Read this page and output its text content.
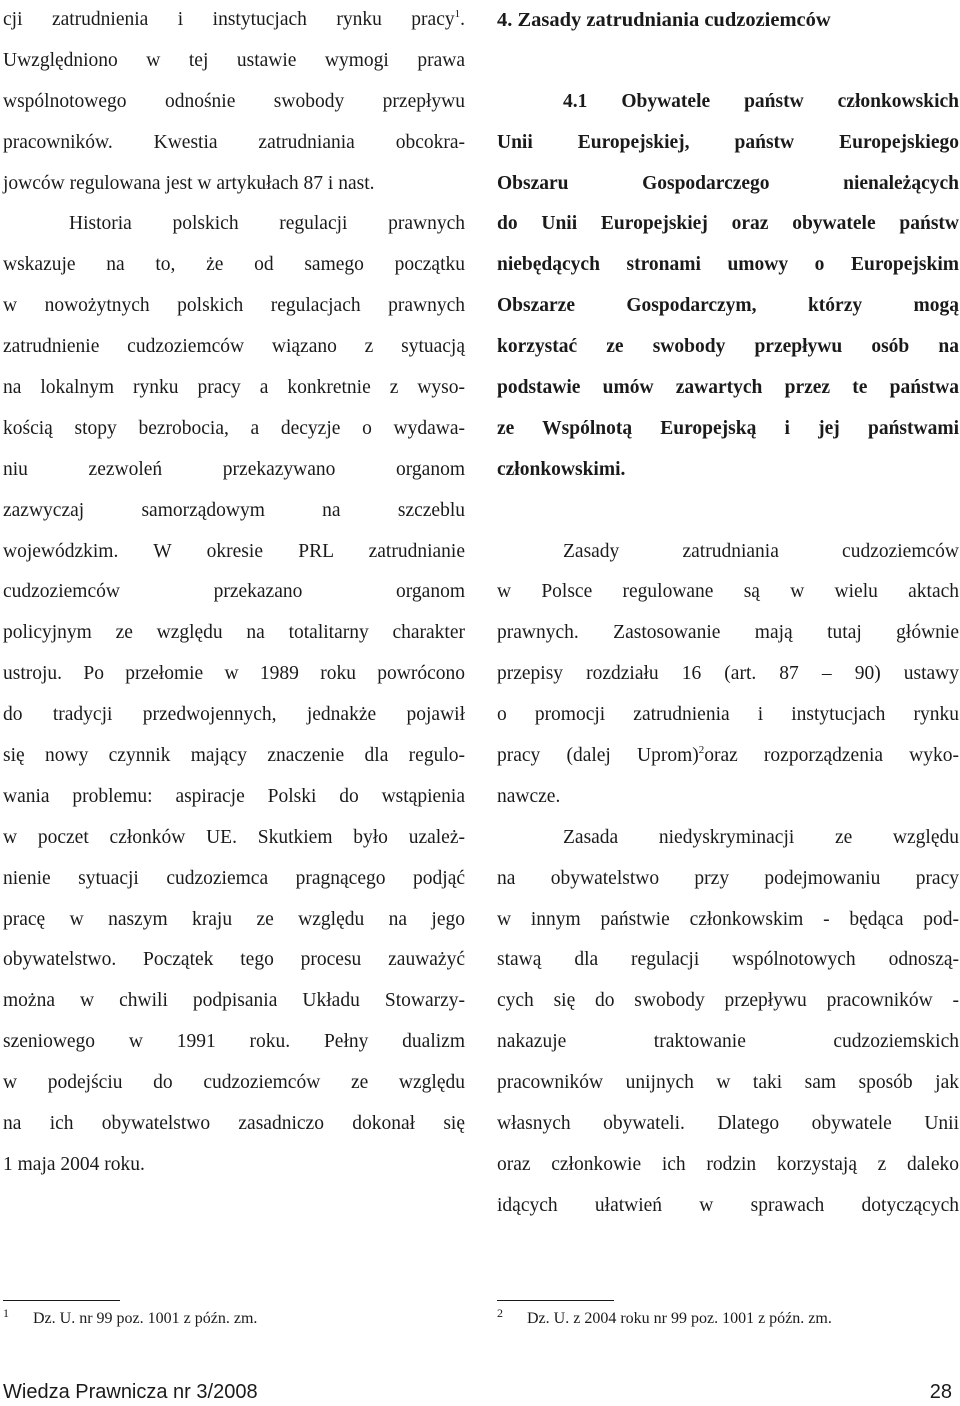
cji zatrudnienia i instytucjach rynku pracy$^1$.
Uwzględniono w tej ustawie wymogi prawa
wspólnotowego odnośnie swobody przepływu
pracowników. Kwestia zatrudniania obcokra-
jowców regulowana jest w artykułach 87 i nast.
Historia polskich regulacji prawnych
wskazuje na to, że od samego początku
w nowożytnych polskich regulacjach prawnych
zatrudnienie cudzoziemców wiązano z sytuacją
na lokalnym rynku pracy a konkretnie z wyso-
kością stopy bezrobocia, a decyzje o wydawa-
niu zezwoleń przekazywano organom
zazwyczaj samorządowym na szczeblu
wojewódzkim. W okresie PRL zatrudnianie
cudzoziemców przekazano organom
policyjnym ze względu na totalitarny charakter
ustroju. Po przełomie w 1989 roku powrócono
do tradycji przedwojennych, jednakże pojawił
się nowy czynnik mający znaczenie dla regulo-
wania problemu: aspiracje Polski do wstąpienia
w poczet członków UE. Skutkiem było uzależ-
nienie sytuacji cudzoziemca pragnącego podjąć
pracę w naszym kraju ze względu na jego
obywatelstwo. Początek tego procesu zauważyć
można w chwili podpisania Układu Stowarzy-
szeniowego w 1991 roku. Pełny dualizm
w podejściu do cudzoziemców ze względu
na ich obywatelstwo zasadniczo dokonał się
1 maja 2004 roku.
4. Zasady zatrudniania cudzoziemców
4.1 Obywatele państw członkowskich
Unii Europejskiej, państw Europejskiego
Obszaru Gospodarczego nienależących
do Unii Europejskiej oraz obywatele państw
niebędących stronami umowy o Europejskim
Obszarze Gospodarczym, którzy mogą
korzystać ze swobody przepływu osób na
podstawie umów zawartych przez te państwa
ze Wspólnotą Europejską i jej państwami
członkowskimi.
Zasady zatrudniania cudzoziemców
w Polsce regulowane są w wielu aktach
prawnych. Zastosowanie mają tutaj głównie
przepisy rozdziału 16 (art. 87 – 90) ustawy
o promocji zatrudnienia i instytucjach rynku
pracy (dalej Uprom)$^2$oraz rozporządzenia wyko-
nawcze.
Zasada niedyskryminacji ze względu
na obywatelstwo przy podejmowaniu pracy
w innym państwie członkowskim - będąca pod-
stawą dla regulacji wspólnotowych odnoszą-
cych się do swobody przepływu pracowników -
nakazuje traktowanie cudzoziemskich
pracowników unijnych w taki sam sposób jak
własnych obywateli. Dlatego obywatele Unii
oraz członkowie ich rodzin korzystają z daleko
idących ułatwień w sprawach dotyczących
1	Dz. U. nr 99 poz. 1001 z późn. zm.	2	Dz. U. z 2004 roku nr 99 poz. 1001 z późn. zm.
Wiedza Prawnicza nr 3/2008	28
